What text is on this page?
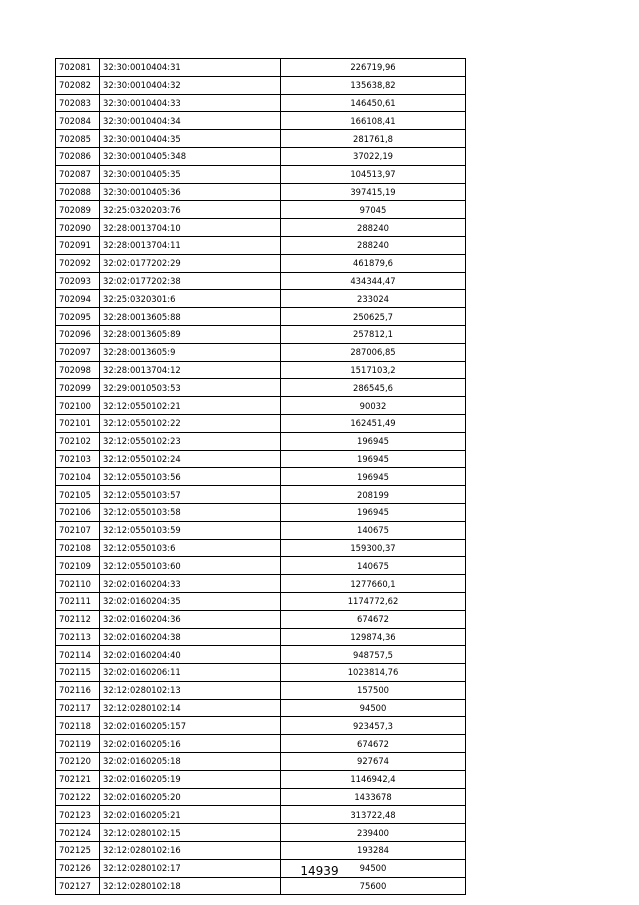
702081	32:30:0010404:31	226719,96
702082	32:30:0010404:32	135638,82
702083	32:30:0010404:33	146450,61
702084	32:30:0010404:34	166108,41
702085	32:30:0010404:35	281761,8
702086	32:30:0010405:348	37022,19
702087	32:30:0010405:35	104513,97
702088	32:30:0010405:36	397415,19
702089	32:25:0320203:76	97045
702090	32:28:0013704:10	288240
702091	32:28:0013704:11	288240
702092	32:02:0177202:29	461879,6
702093	32:02:0177202:38	434344,47
702094	32:25:0320301:6	233024
702095	32:28:0013605:88	250625,7
702096	32:28:0013605:89	257812,1
702097	32:28:0013605:9	287006,85
702098	32:28:0013704:12	1517103,2
702099	32:29:0010503:53	286545,6
702100	32:12:0550102:21	90032
702101	32:12:0550102:22	162451,49
702102	32:12:0550102:23	196945
702103	32:12:0550102:24	196945
702104	32:12:0550103:56	196945
702105	32:12:0550103:57	208199
702106	32:12:0550103:58	196945
702107	32:12:0550103:59	140675
702108	32:12:0550103:6	159300,37
702109	32:12:0550103:60	140675
702110	32:02:0160204:33	1277660,1
702111	32:02:0160204:35	1174772,62
702112	32:02:0160204:36	674672
702113	32:02:0160204:38	129874,36
702114	32:02:0160204:40	948757,5
702115	32:02:0160206:11	1023814,76
702116	32:12:0280102:13	157500
702117	32:12:0280102:14	94500
702118	32:02:0160205:157	923457,3
702119	32:02:0160205:16	674672
702120	32:02:0160205:18	927674
702121	32:02:0160205:19	1146942,4
702122	32:02:0160205:20	1433678
702123	32:02:0160205:21	313722,48
702124	32:12:0280102:15	239400
702125	32:12:0280102:16	193284
702126	32:12:0280102:17	94500
702127	32:12:0280102:18	75600
14939
